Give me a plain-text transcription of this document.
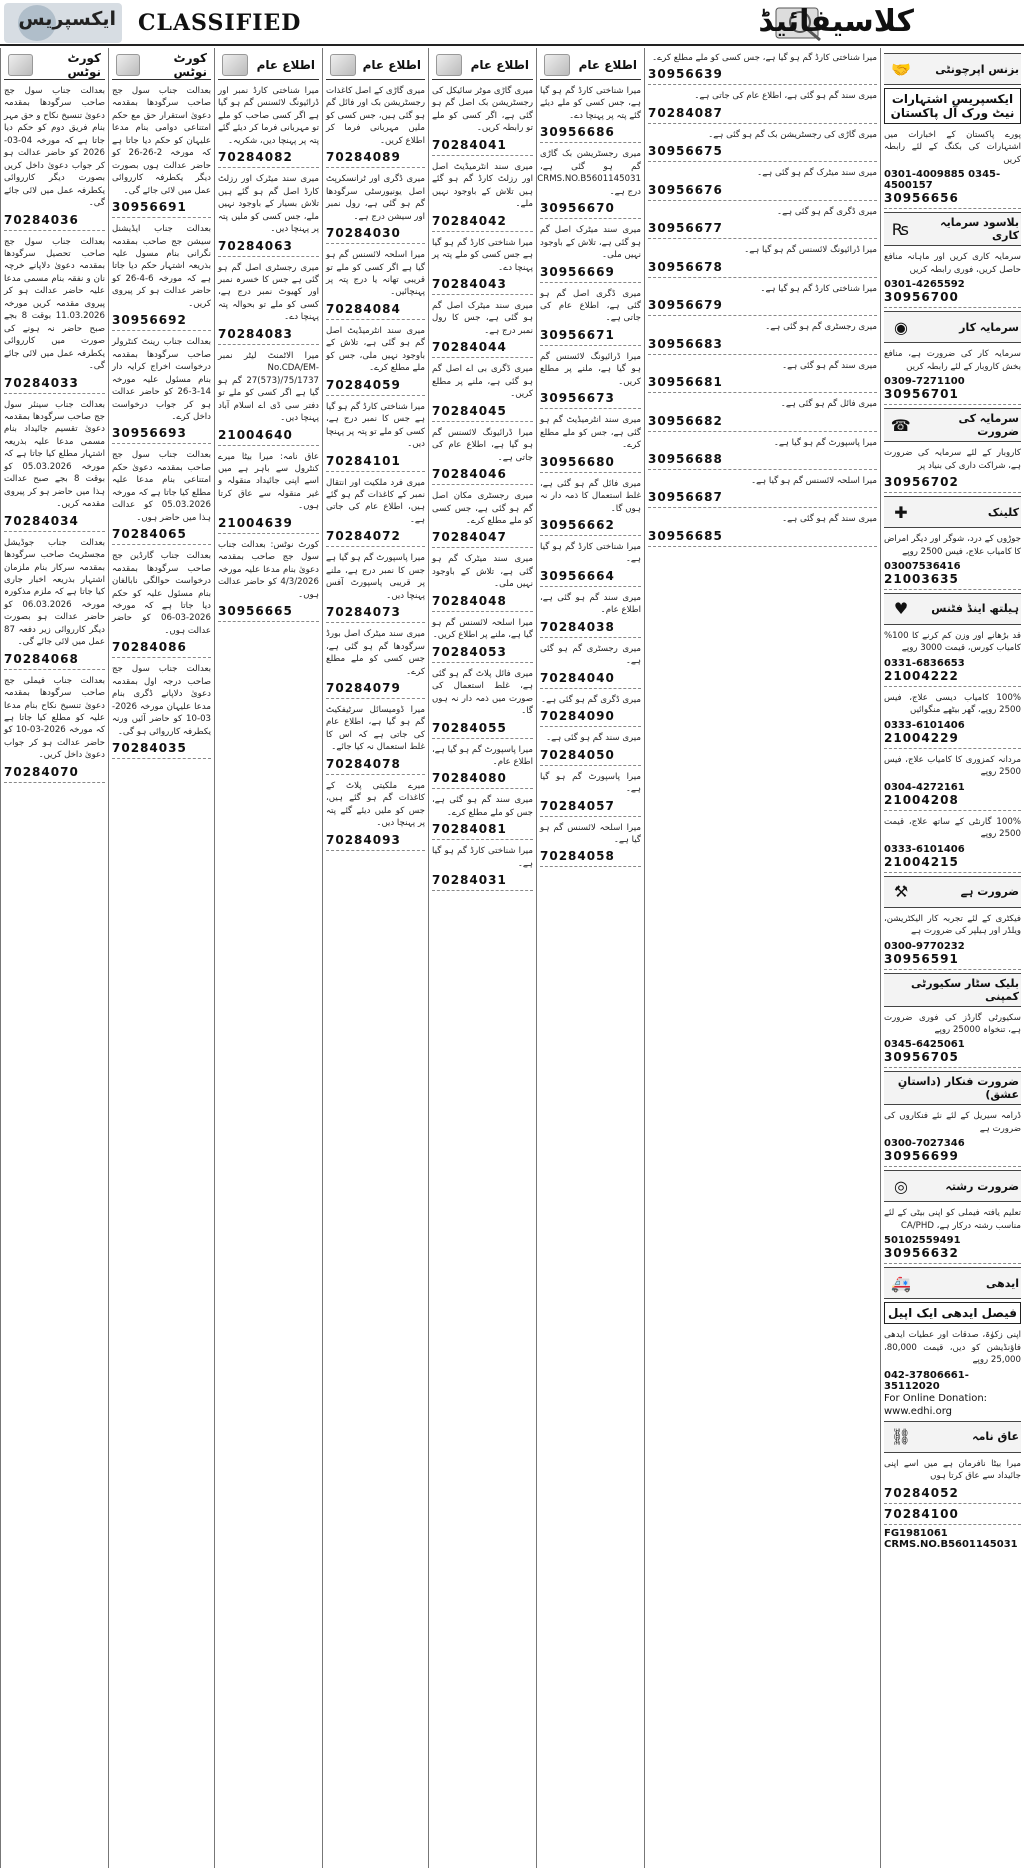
ایکسپریس CLASSIFIED	کلاسیفائیڈ
کورٹ نوٹس
بعدالت جناب سول جج صاحب سرگودھا بمقدمہ دعویٰ تنسیخ نکاح و حق مہر بنام فریق دوم کو حکم دیا جاتا ہے کہ مورخہ 04-03-2026 کو حاضر عدالت ہو کر جواب دعویٰ داخل کریں بصورت دیگر کارروائی یکطرفہ عمل میں لائی جائے گی۔
70284036
بعدالت جناب سول جج صاحب تحصیل سرگودھا بمقدمہ دعویٰ دلاپانے خرچہ نان و نفقہ بنام مسمی مدعا علیہ حاضر عدالت ہو کر پیروی مقدمہ کریں مورخہ 11.03.2026 بوقت 8 بجے صبح حاضر نہ ہونے کی صورت میں کارروائی یکطرفہ عمل میں لائی جائے گی۔
70284033
بعدالت جناب سینئر سول جج صاحب سرگودھا بمقدمہ دعویٰ تقسیم جائیداد بنام مسمی مدعا علیہ بذریعہ اشتہار مطلع کیا جاتا ہے کہ مورخہ 05.03.2026 کو بوقت 8 بجے صبح عدالت ہذا میں حاضر ہو کر پیروی مقدمہ کریں۔
70284034
بعدالت جناب جوڈیشل مجسٹریٹ صاحب سرگودھا بمقدمہ سرکار بنام ملزمان اشتہار بذریعہ اخبار جاری کیا جاتا ہے کہ ملزم مذکورہ مورخہ 06.03.2026 کو حاضر عدالت ہو بصورت دیگر کارروائی زیر دفعہ 87 عمل میں لائی جائے گی۔
70284068
بعدالت جناب فیملی جج صاحب سرگودھا بمقدمہ دعویٰ تنسیخ نکاح بنام مدعا علیہ کو مطلع کیا جاتا ہے کہ مورخہ 2026-03-10 کو حاضر عدالت ہو کر جواب دعویٰ داخل کریں۔
70284070
کورٹ نوٹس
بعدالت جناب سول جج صاحب سرگودھا بمقدمہ دعویٰ استقرار حق مع حکم امتناعی دوامی بنام مدعا علیہان کو حکم دیا جاتا ہے کہ مورخہ 2-26-26 کو حاضر عدالت ہوں بصورت دیگر یکطرفہ کارروائی عمل میں لائی جائے گی۔
30956691
بعدالت جناب ایڈیشنل سیشن جج صاحب بمقدمہ نگرانی بنام مسول علیہ بذریعہ اشتہار حکم دیا جاتا ہے کہ مورخہ 6-4-26 کو حاضر عدالت ہو کر پیروی کریں۔
30956692
بعدالت جناب رینٹ کنٹرولر صاحب سرگودھا بمقدمہ درخواست اخراج کرایہ دار بنام مسئول علیہ مورخہ 14-3-26 کو حاضر عدالت ہو کر جواب درخواست داخل کرے۔
30956693
بعدالت جناب سول جج صاحب بمقدمہ دعویٰ حکم امتناعی بنام مدعا علیہ مطلع کیا جاتا ہے کہ مورخہ 05.03.2026 کو عدالت ہذا میں حاضر ہوں۔
70284065
بعدالت جناب گارڈین جج صاحب سرگودھا بمقدمہ درخواست حوالگی نابالغان بنام مسئول علیہ کو حکم دیا جاتا ہے کہ مورخہ 2026-03-06 کو حاضر عدالت ہوں۔
70284086
بعدالت جناب سول جج صاحب درجہ اول بمقدمہ دعویٰ دلاپانے ڈگری بنام مدعا علیہان مورخہ 2026-03-10 کو حاضر آئیں ورنہ یکطرفہ کارروائی ہو گی۔
70284035
اطلاع عام
میرا شناختی کارڈ نمبر اور ڈرائیونگ لائسنس گم ہو گیا ہے اگر کسی صاحب کو ملے تو مہربانی فرما کر دیئے گئے پتہ پر پہنچا دیں، شکریہ۔
70284082
میری سند میٹرک اور رزلٹ کارڈ اصل گم ہو گئے ہیں تلاش بسیار کے باوجود نہیں ملے، جس کسی کو ملیں پتہ پر پہنچا دیں۔
70284063
میری رجسٹری اصل گم ہو گئی ہے جس کا خسرہ نمبر اور کھیوٹ نمبر درج ہے، کسی کو ملے تو بحوالہ پتہ پہنچا دے۔
70284083
میرا الاٹمنٹ لیٹر نمبر No.CDA/EM-27(573)/75/1737 گم ہو گیا ہے اگر کسی کو ملے تو دفتر سی ڈی اے اسلام آباد پہنچا دیں۔
21004640
عاق نامہ: میرا بیٹا میرے کنٹرول سے باہر ہے میں اسے اپنی جائیداد منقولہ و غیر منقولہ سے عاق کرتا ہوں۔
21004639
کورٹ نوٹس: بعدالت جناب سول جج صاحب بمقدمہ دعویٰ بنام مدعا علیہ مورخہ 4/3/2026 کو حاضر عدالت ہوں۔
30956665
اطلاع عام
میری گاڑی کے اصل کاغذات رجسٹریشن بک اور فائل گم ہو گئی ہیں، جس کسی کو ملیں مہربانی فرما کر اطلاع کریں۔
70284089
میری ڈگری اور ٹرانسکرپٹ اصل یونیورسٹی سرگودھا گم ہو گئی ہے، رول نمبر اور سیشن درج ہے۔
70284030
میرا اسلحہ لائسنس گم ہو گیا ہے اگر کسی کو ملے تو قریبی تھانہ یا درج پتہ پر پہنچائیں۔
70284084
میری سند انٹرمیڈیٹ اصل گم ہو گئی ہے، تلاش کے باوجود نہیں ملی، جس کو ملے مطلع کرے۔
70284059
میرا شناختی کارڈ گم ہو گیا ہے جس کا نمبر درج ہے، کسی کو ملے تو پتہ پر پہنچا دیں۔
70284101
میری فرد ملکیت اور انتقال نمبر کے کاغذات گم ہو گئے ہیں، اطلاع عام کی جاتی ہے۔
70284072
میرا پاسپورٹ گم ہو گیا ہے جس کا نمبر درج ہے، ملنے پر قریبی پاسپورٹ آفس پہنچا دیں۔
70284073
میری سند میٹرک اصل بورڈ سرگودھا گم ہو گئی ہے، جس کسی کو ملے مطلع کرے۔
70284079
میرا ڈومیسائل سرٹیفکیٹ گم ہو گیا ہے، اطلاع عام کی جاتی ہے کہ اس کا غلط استعمال نہ کیا جائے۔
70284078
میرے ملکیتی پلاٹ کے کاغذات گم ہو گئے ہیں، جس کو ملیں دیئے گئے پتہ پر پہنچا دیں۔
70284093
اطلاع عام
میری گاڑی موٹر سائیکل کی رجسٹریشن بک اصل گم ہو گئی ہے، اگر کسی کو ملے تو رابطہ کریں۔
70284041
میری سند انٹرمیڈیٹ اصل اور رزلٹ کارڈ گم ہو گئے ہیں تلاش کے باوجود نہیں ملے۔
70284042
میرا شناختی کارڈ گم ہو گیا ہے جس کسی کو ملے پتہ پر پہنچا دے۔
70284043
میری سند میٹرک اصل گم ہو گئی ہے، جس کا رول نمبر درج ہے۔
70284044
میری ڈگری بی اے اصل گم ہو گئی ہے، ملنے پر مطلع کریں۔
70284045
میرا ڈرائیونگ لائسنس گم ہو گیا ہے، اطلاع عام کی جاتی ہے۔
70284046
میری رجسٹری مکان اصل گم ہو گئی ہے، جس کسی کو ملے مطلع کرے۔
70284047
میری سند میٹرک گم ہو گئی ہے، تلاش کے باوجود نہیں ملی۔
70284048
میرا اسلحہ لائسنس گم ہو گیا ہے، ملنے پر اطلاع کریں۔
70284053
میری فائل پلاٹ گم ہو گئی ہے، غلط استعمال کی صورت میں ذمہ دار نہ ہوں گا۔
70284055
میرا پاسپورٹ گم ہو گیا ہے، اطلاع عام۔
70284080
میری سند گم ہو گئی ہے، جس کو ملے مطلع کرے۔
70284081
میرا شناختی کارڈ گم ہو گیا ہے۔
70284031
اطلاع عام
میرا شناختی کارڈ گم ہو گیا ہے، جس کسی کو ملے دیئے گئے پتہ پر پہنچا دے۔
30956686
میری رجسٹریشن بک گاڑی گم ہو گئی ہے، CRMS.NO.B5601145031 درج ہے۔
30956670
میری سند میٹرک اصل گم ہو گئی ہے، تلاش کے باوجود نہیں ملی۔
30956669
میری ڈگری اصل گم ہو گئی ہے، اطلاع عام کی جاتی ہے۔
30956671
میرا ڈرائیونگ لائسنس گم ہو گیا ہے، ملنے پر مطلع کریں۔
30956673
میری سند انٹرمیڈیٹ گم ہو گئی ہے، جس کو ملے مطلع کرے۔
30956680
میری فائل گم ہو گئی ہے، غلط استعمال کا ذمہ دار نہ ہوں گا۔
30956662
میرا شناختی کارڈ گم ہو گیا ہے۔
30956664
میری سند گم ہو گئی ہے، اطلاع عام۔
70284038
میری رجسٹری گم ہو گئی ہے۔
70284040
میری ڈگری گم ہو گئی ہے۔
70284090
میری سند گم ہو گئی ہے۔
70284050
میرا پاسپورٹ گم ہو گیا ہے۔
70284057
میرا اسلحہ لائسنس گم ہو گیا ہے۔
70284058
میرا شناختی کارڈ گم ہو گیا ہے، جس کسی کو ملے مطلع کرے۔
30956639
میری سند گم ہو گئی ہے، اطلاع عام کی جاتی ہے۔
70284087
میری گاڑی کی رجسٹریشن بک گم ہو گئی ہے۔
30956675
میری سند میٹرک گم ہو گئی ہے۔
30956676
میری ڈگری گم ہو گئی ہے۔
30956677
میرا ڈرائیونگ لائسنس گم ہو گیا ہے۔
30956678
میرا شناختی کارڈ گم ہو گیا ہے۔
30956679
میری رجسٹری گم ہو گئی ہے۔
30956683
میری سند گم ہو گئی ہے۔
30956681
میری فائل گم ہو گئی ہے۔
30956682
میرا پاسپورٹ گم ہو گیا ہے۔
30956688
میرا اسلحہ لائسنس گم ہو گیا ہے۔
30956687
میری سند گم ہو گئی ہے۔
30956685
بزنس اپرچونٹی
🤝
ایکسپریس اشتہارات نیٹ ورک آل پاکستان
پورے پاکستان کے اخبارات میں اشتہارات کی بکنگ کے لئے رابطہ کریں
0301-4009885 0345-4500157
30956656
بلاسود سرمایہ کاری
₨
سرمایہ کاری کریں اور ماہانہ منافع حاصل کریں، فوری رابطہ کریں
0301-4265592
30956700
سرمایہ کار
◉
سرمایہ کار کی ضرورت ہے، منافع بخش کاروبار کے لئے رابطہ کریں
0309-7271100
30956701
سرمایہ کی ضرورت
☎
کاروبار کے لئے سرمایہ کی ضرورت ہے، شراکت داری کی بنیاد پر
30956702
کلینک
✚
جوڑوں کے درد، شوگر اور دیگر امراض کا کامیاب علاج، فیس 2500 روپے
03007536416
21003635
ہیلتھ اینڈ فٹنس
♥
قد بڑھانے اور وزن کم کرنے کا 100% کامیاب کورس، قیمت 3000 روپے
0331-6836653
21004222
100% کامیاب دیسی علاج، فیس 2500 روپے، گھر بیٹھے منگوائیں
0333-6101406
21004229
مردانہ کمزوری کا کامیاب علاج، فیس 2500 روپے
0304-4272161
21004208
100% گارنٹی کے ساتھ علاج، قیمت 2500 روپے
0333-6101406
21004215
ضرورت ہے
⚒
فیکٹری کے لئے تجربہ کار الیکٹریشن، ویلڈر اور ہیلپر کی ضرورت ہے
0300-9770232
30956591
بلیک سٹار سکیورٹی کمپنی
سکیورٹی گارڈز کی فوری ضرورت ہے، تنخواہ 25000 روپے
0345-6425061
30956705
ضرورت فنکار (داستانِ عشق)
ڈرامہ سیریل کے لئے نئے فنکاروں کی ضرورت ہے
0300-7027346
30956699
ضرورت رشتہ
◎
تعلیم یافتہ فیملی کو اپنی بیٹی کے لئے مناسب رشتہ درکار ہے، CA/PHD
50102559491
30956632
ایدھی
🚑
فیصل ایدھی ایک اپیل
اپنی زکوٰۃ، صدقات اور عطیات ایدھی فاؤنڈیشن کو دیں، قیمت 80,000، 25,000 روپے
042-37806661-35112020
For Online Donation: www.edhi.org
عاق نامہ
⛓
میرا بیٹا نافرمان ہے میں اسے اپنی جائیداد سے عاق کرتا ہوں
70284052
70284100
FG1981061
CRMS.NO.B5601145031
